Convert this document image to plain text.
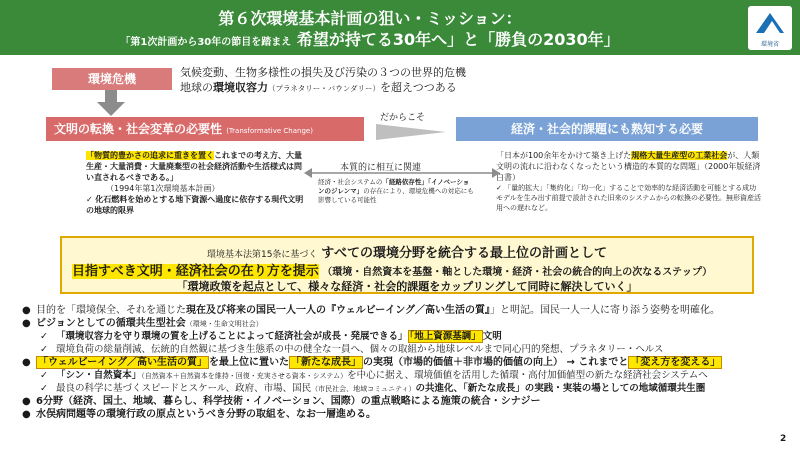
第６次環境基本計画の狙い・ミッション：
「第1次計画から30年の節目を踏まえ 希望が持てる30年へ」と「勝負の2030年」	環境省
環境危機	気候変動、生物多様性の損失及び汚染の３つの世界的危機
地球の環境収容力（プラネタリー・バウンダリー）を超えつつある
文明の転換・社会変革の必要性 (Transformative Change)
だからこそ
経済・社会的課題にも熟知する必要
「物質的豊かさの追求に重きを置くこれまでの考え方、大量生産・大量消費・大量廃棄型の社会経済活動や生活様式は問い直されるべきである。」
（1994年第1次環境基本計画）
✓ 化石燃料を始めとする地下資源へ過度に依存する現代文明の地球的限界
本質的に相互に関連
経済・社会システムの「経路依存性」「イノベーションのジレンマ」の存在により、環境危機への対応にも影響している可能性
「日本が100余年をかけて築き上げた規格大量生産型の工業社会が、人類文明の流れに沿わなくなったという構造的本質的な問題」（2000年版経済白書）
✓ 「量的拡大」「集約化」「均一化」することで効率的な経済活動を可能とする成功モデルを生み出す前提で設計された旧来のシステムからの転換の必要性。無形資産活用への遅れなど。
環境基本法第15条に基づく すべての環境分野を統合する最上位の計画として
目指すべき文明・経済社会の在り方を提示 （環境・自然資本を基盤・軸とした環境・経済・社会の統合的向上の次なるステップ）
「環境政策を起点として、様々な経済・社会的課題をカップリングして同時に解決していく」
● 目的を「環境保全、それを通じた現在及び将来の国民一人一人の『ウェルビーイング／高い生活の質』」と明記。国民一人一人に寄り添う姿勢を明確化。
● ビジョンとしての循環共生型社会（環境・生命文明社会）
✓ 「環境収容力を守り環境の質を上げることによって経済社会が成長・発展できる」 「地上資源基調」 文明
✓ 環境負荷の総量削減、伝統的自然観に基づき生態系の中の健全な一員へ、個々の取組から地球レベルまで同心円的発想、プラネタリー・ヘルス
● 「ウェルビーイング／高い生活の質」 を最上位に置いた 「新たな成長」 の実現（市場的価値＋非市場的価値の向上） → これまでと 「変え方を変える」
✓ 「シン・自然資本」（自然資本＋自然資本を維持・回復・充実させる資本・システム）を中心に据え、環境価値を活用した循環・高付加価値型の新たな経済社会システムへ
✓ 最良の科学に基づくスピードとスケール、政府、市場、国民（市民社会、地域コミュニティ）の共進化、「新たな成長」の実践・実装の場としての地域循環共生圏
● 6分野（経済、国土、地域、暮らし、科学技術・イノベーション、国際）の重点戦略による施策の統合・シナジー
● 水俣病問題等の環境行政の原点というべき分野の取組を、なお一層進める。
2
